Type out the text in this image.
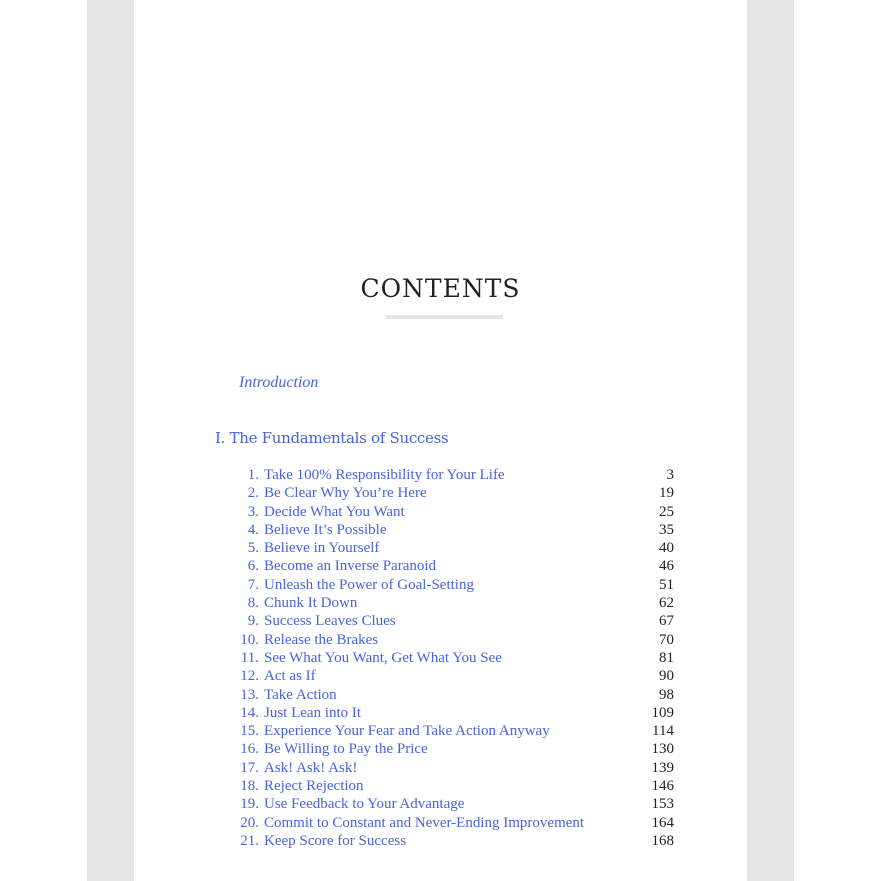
CONTENTS
Introduction
I. The Fundamentals of Success
1. Take 100% Responsibility for Your Life	3
2. Be Clear Why You’re Here	19
3. Decide What You Want	25
4. Believe It’s Possible	35
5. Believe in Yourself	40
6. Become an Inverse Paranoid	46
7. Unleash the Power of Goal-Setting	51
8. Chunk It Down	62
9. Success Leaves Clues	67
10. Release the Brakes	70
11. See What You Want, Get What You See	81
12. Act as If	90
13. Take Action	98
14. Just Lean into It	109
15. Experience Your Fear and Take Action Anyway	114
16. Be Willing to Pay the Price	130
17. Ask! Ask! Ask!	139
18. Reject Rejection	146
19. Use Feedback to Your Advantage	153
20. Commit to Constant and Never-Ending Improvement	164
21. Keep Score for Success	168
